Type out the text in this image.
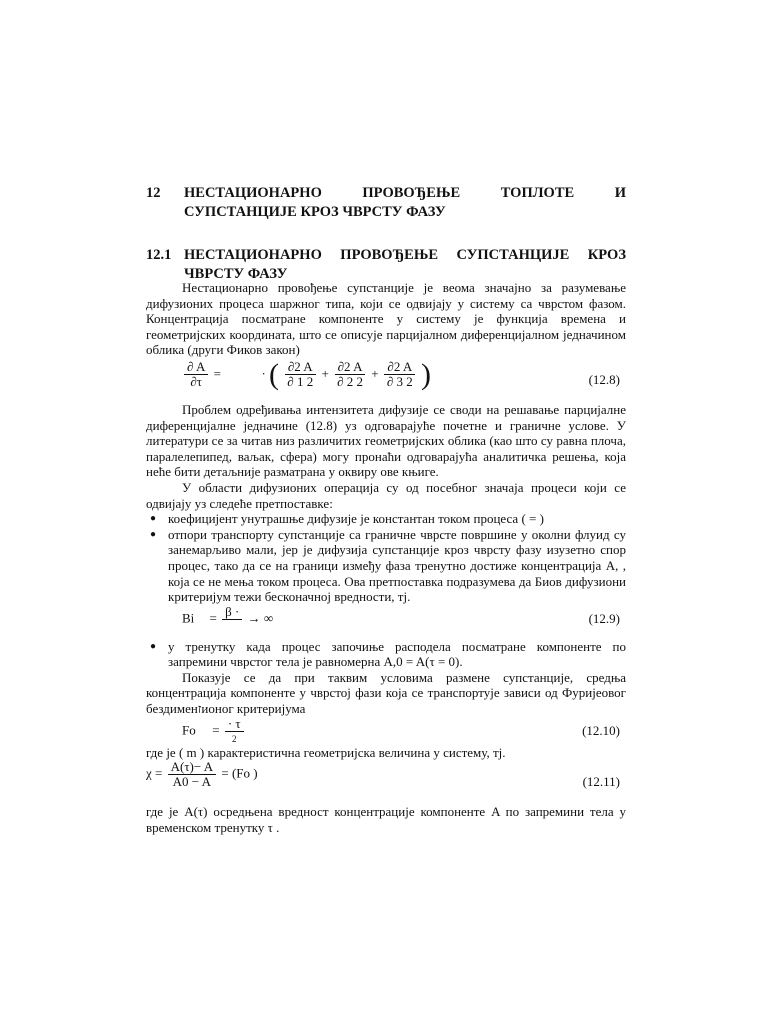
12	НЕСТАЦИОНАРНО ПРОВОЂЕЊЕ ТОПЛОТЕ И
СУПСТАНЦИЈЕ КРОЗ ЧВРСТУ ФАЗУ
12.1 НЕСТАЦИОНАРНО ПРОВОЂЕЊЕ СУПСТАНЦИЈЕ КРОЗ
ЧВРСТУ ФАЗУ

Нестационарно провођење супстанције је веома значајно за разумевање дифузионих процеса шаржног типа, који се одвијају у систему са чврстом фазом. Концентрација посматране компоненте у систему је функција времена и геометријских координата, што се описује парцијалном диференцијалном једначином облика (други Фиков закон)

$\frac{\partial A}{\partial\tau}$ =	· ( $\frac{\partial 2 A}{\partial 1 2} + \frac{\partial 2 A}{\partial 2 2} + \frac{\partial 2 A}{\partial 3 2}$ )	(12.8)

Проблем одређивања интензитета дифузије се своди на решавање парцијалне диференцијалне једначине (12.8) уз одговарајуће почетне и граничне услове. У литератури се за читав низ различитих геометријских облика (као што су равна плоча, паралелепипед, ваљак, сфера) могу пронаћи одговарајућа аналитичка решења, која неће бити детаљније разматрана у оквиру ове књиге.

У области дифузионих операција су од посебног значаја процеси који се одвијају уз следеће претпоставке:

● коефицијент унутрашње дифузије је константан током процеса ( = )
● отпори транспорту супстанције са граничне чврсте површине у околни флуид су занемарљиво мали, јер је дифузија супстанције кроз чврсту фазу изузетно спор процес, тако да се на граници између фаза тренутно достиже концентрација A, , која се не мења током процеса. Ова претпоставка подразумева да Биов дифузиони критеријум тежи бесконачној вредности, тј.
Bi = β ·
→ ∞	(12.9)
● у тренутку када процес започиње расподела посматране компоненте по запремини чврстог тела је равномерна A,0 = A(τ = 0).

Показује се да при таквим условима размене супстанције, средња концентрација компоненте у чврстој фази која се транспортује зависи од Фуријеовог бездименזионог критеријума

$Fo = \frac{\cdot \tau}{2}$	(12.10)

где је ( m ) карактеристична геометријска величина у систему, тј.

$\chi = \frac{A(\tau)- A}{A0 - A} = (Fo$ )
(12.11)

где је A(τ) осредњена вредност концентрације компоненте A по запремини тела у временском тренутку τ .
